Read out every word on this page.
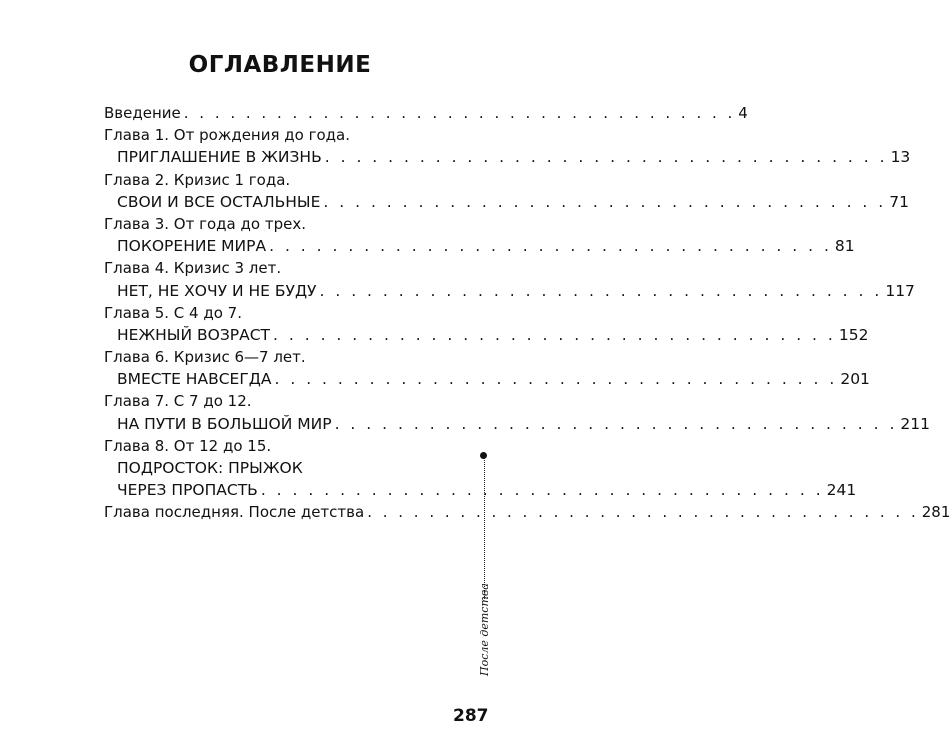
ОГЛАВЛЕНИЕ
Введение . . . . . . . . . . . . . . . . . . . . . . . . . . . . . . . . . . . . 4
Глава 1. От рождения до года.
ПРИГЛАШЕНИЕ В ЖИЗНЬ . . . . . . . . . . . . . . . . . . . . . . . . . . . . . . . . . . . . 13
Глава 2. Кризис 1 года.
СВОИ И ВСЕ ОСТАЛЬНЫЕ . . . . . . . . . . . . . . . . . . . . . . . . . . . . . . . . . . . . 71
Глава 3. От года до трех.
ПОКОРЕНИЕ МИРА . . . . . . . . . . . . . . . . . . . . . . . . . . . . . . . . . . . . 81
Глава 4. Кризис 3 лет.
НЕТ, НЕ ХОЧУ И НЕ БУДУ . . . . . . . . . . . . . . . . . . . . . . . . . . . . . . . . . . . . 117
Глава 5. С 4 до 7.
НЕЖНЫЙ ВОЗРАСТ . . . . . . . . . . . . . . . . . . . . . . . . . . . . . . . . . . . . 152
Глава 6. Кризис 6—7 лет.
ВМЕСТЕ НАВСЕГДА . . . . . . . . . . . . . . . . . . . . . . . . . . . . . . . . . . . . 201
Глава 7. С 7 до 12.
НА ПУТИ В БОЛЬШОЙ МИР . . . . . . . . . . . . . . . . . . . . . . . . . . . . . . . . . . . . 211
Глава 8. От 12 до 15.
ПОДРОСТОК: ПРЫЖОК
ЧЕРЕЗ ПРОПАСТЬ . . . . . . . . . . . . . . . . . . . . . . . . . . . . . . . . . . . . 241
Глава последняя. После детства . . . . . . . . . . . . . . . . . . . . . . . . . . . . . . . . . . . . 281
После детства
287
